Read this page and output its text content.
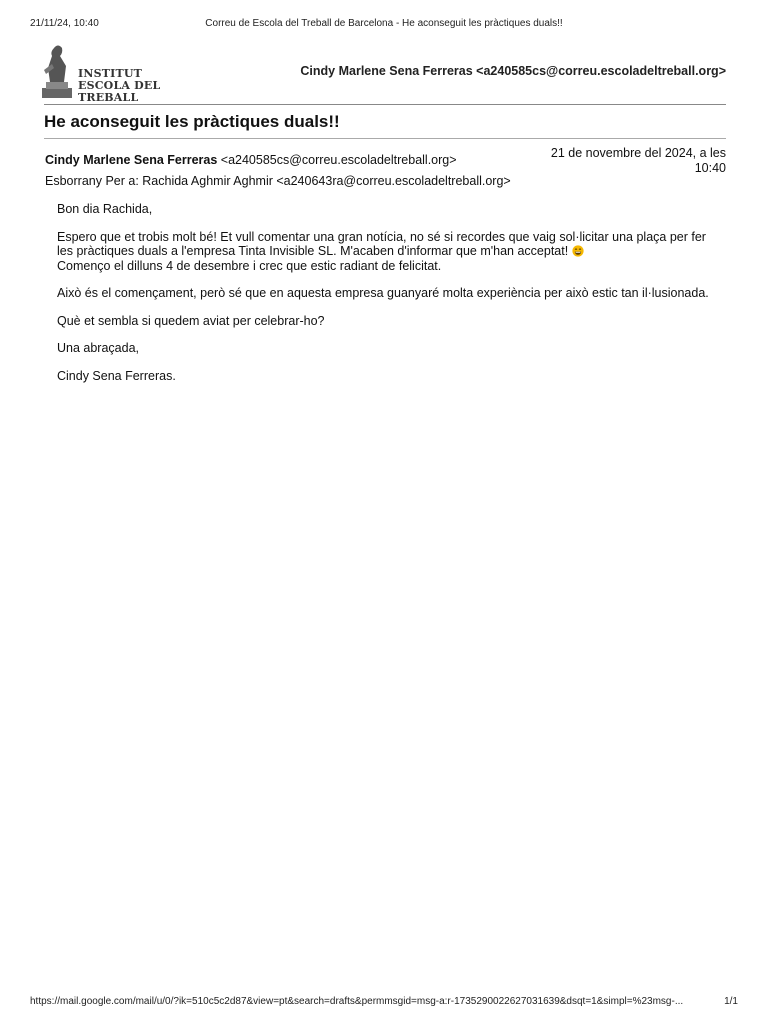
21/11/24, 10:40	Correu de Escola del Treball de Barcelona - He aconseguit les pràctiques duals!!
INSTITUT
ESCOLA DEL TREBALL
Cindy Marlene Sena Ferreras <a240585cs@correu.escoladeltreball.org>
He aconseguit les pràctiques duals!!
Cindy Marlene Sena Ferreras <a240585cs@correu.escoladeltreball.org>	21 de novembre del 2024, a les
10:40
Esborrany Per a: Rachida Aghmir Aghmir <a240643ra@correu.escoladeltreball.org>

Bon dia Rachida,

Espero que et trobis molt bé! Et vull comentar una gran notícia, no sé si recordes que vaig sol·licitar una plaça per fer
les pràctiques duals a l'empresa Tinta Invisible SL. M'acaben d'informar que m'han acceptat!
Començo el dilluns 4 de desembre i crec que estic radiant de felicitat.

Això és el començament, però sé que en aquesta empresa guanyaré molta experiència per això estic tan il·lusionada.

Què et sembla si quedem aviat per celebrar-ho?

Una abraçada,

Cindy Sena Ferreras.

https://mail.google.com/mail/u/0/?ik=510c5c2d87&view=pt&search=drafts&permmsgid=msg-a:r-1735290022627031639&dsqt=1&simpl=%23msg-...	1/1
